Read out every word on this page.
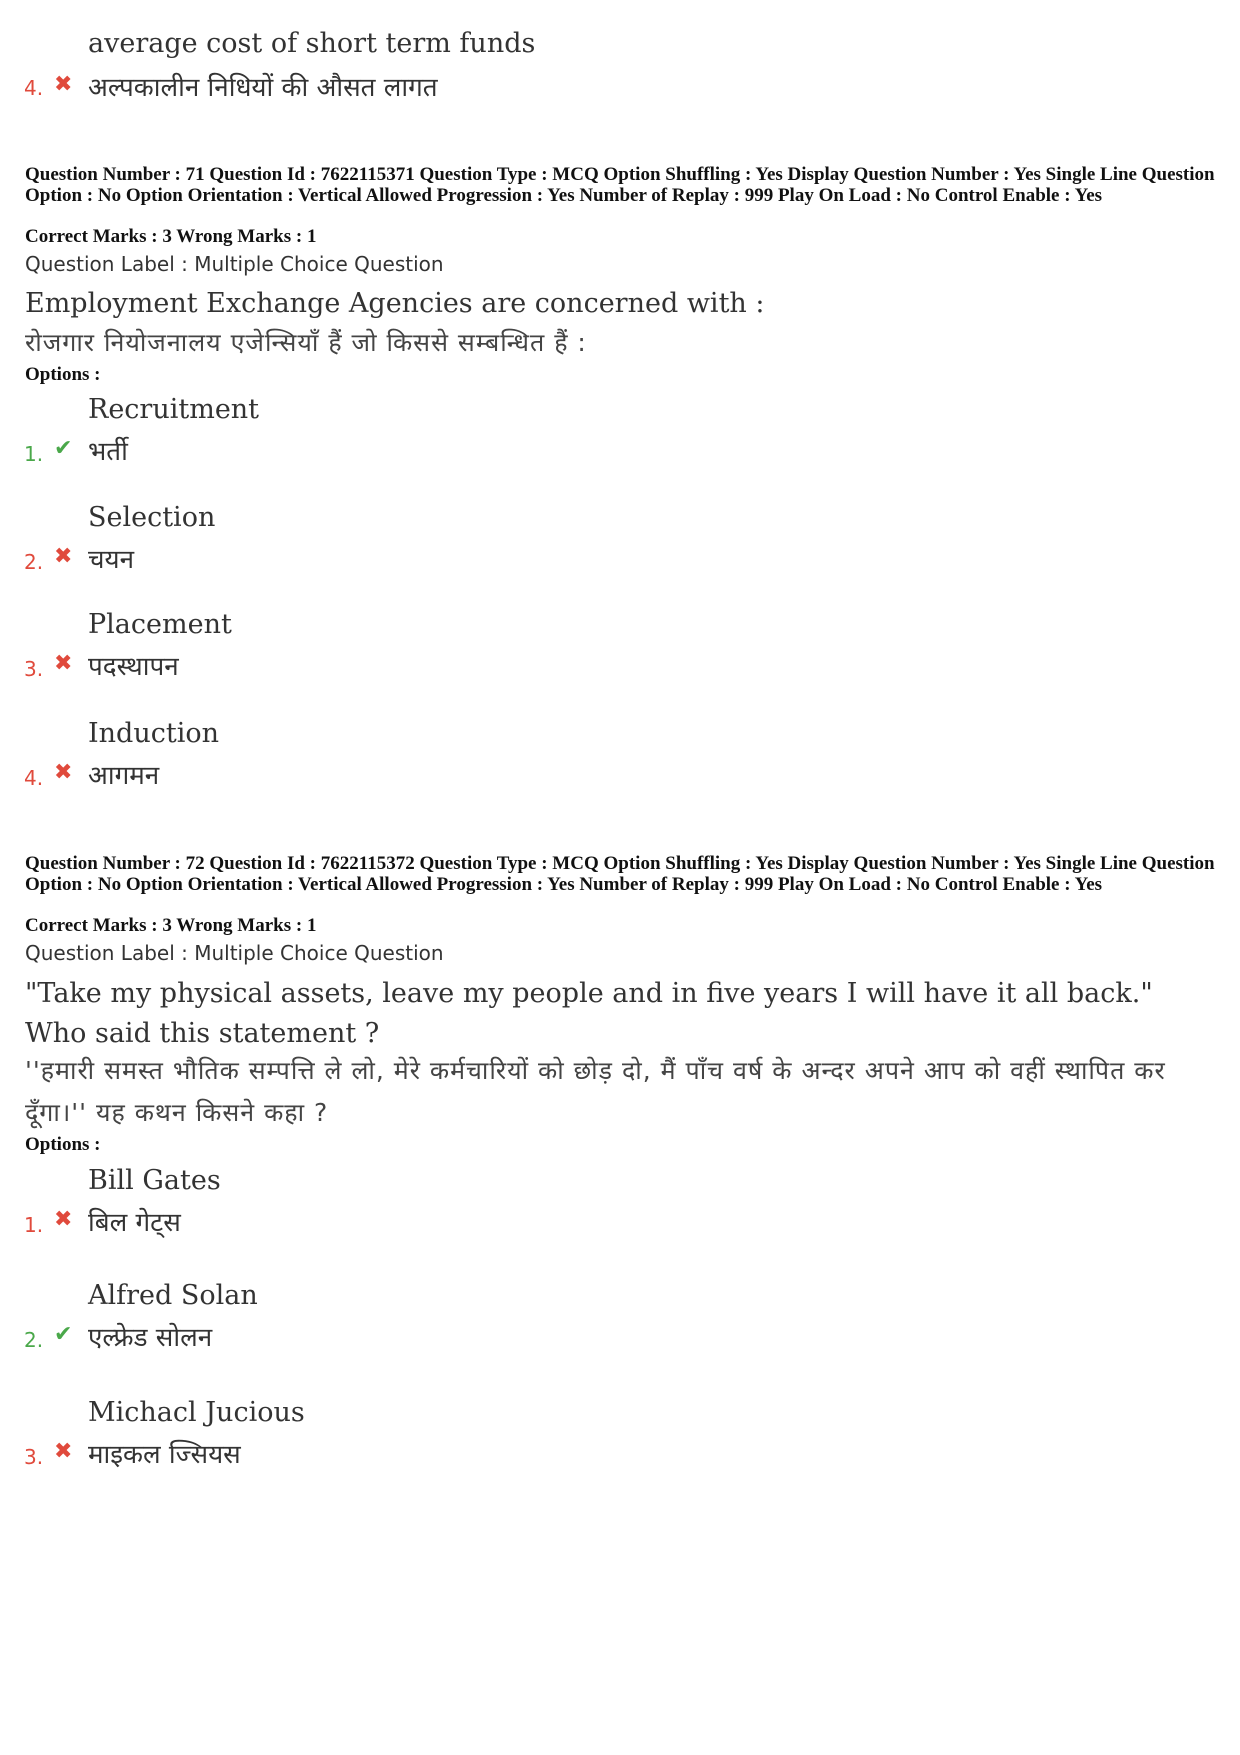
average cost of short term funds
4. ✖ अल्पकालीन निधियों की औसत लागत
Question Number : 71 Question Id : 7622115371 Question Type : MCQ Option Shuffling : Yes Display Question Number : Yes Single Line Question Option : No Option Orientation : Vertical Allowed Progression : Yes Number of Replay : 999 Play On Load : No Control Enable : Yes
Correct Marks : 3 Wrong Marks : 1
Question Label : Multiple Choice Question
Employment Exchange Agencies are concerned with :
रोजगार नियोजनालय एजेन्सियाँ हैं जो किससे सम्बन्धित हैं :
Options :
Recruitment
1. ✔ भर्ती
Selection
2. ✖ चयन
Placement
3. ✖ पदस्थापन
Induction
4. ✖ आगमन
Question Number : 72 Question Id : 7622115372 Question Type : MCQ Option Shuffling : Yes Display Question Number : Yes Single Line Question Option : No Option Orientation : Vertical Allowed Progression : Yes Number of Replay : 999 Play On Load : No Control Enable : Yes
Correct Marks : 3 Wrong Marks : 1
Question Label : Multiple Choice Question
"Take my physical assets, leave my people and in five years I will have it all back." Who said this statement ?
''हमारी समस्त भौतिक सम्पत्ति ले लो, मेरे कर्मचारियों को छोड़ दो, मैं पाँच वर्ष के अन्दर अपने आप को वहीं स्थापित कर दूँगा।'' यह कथन किसने कहा ?
Options :
Bill Gates
1. ✖ बिल गेट्स
Alfred Solan
2. ✔ एल्फ्रेड सोलन
Michacl Jucious
3. ✖ माइकल ज्सियस
